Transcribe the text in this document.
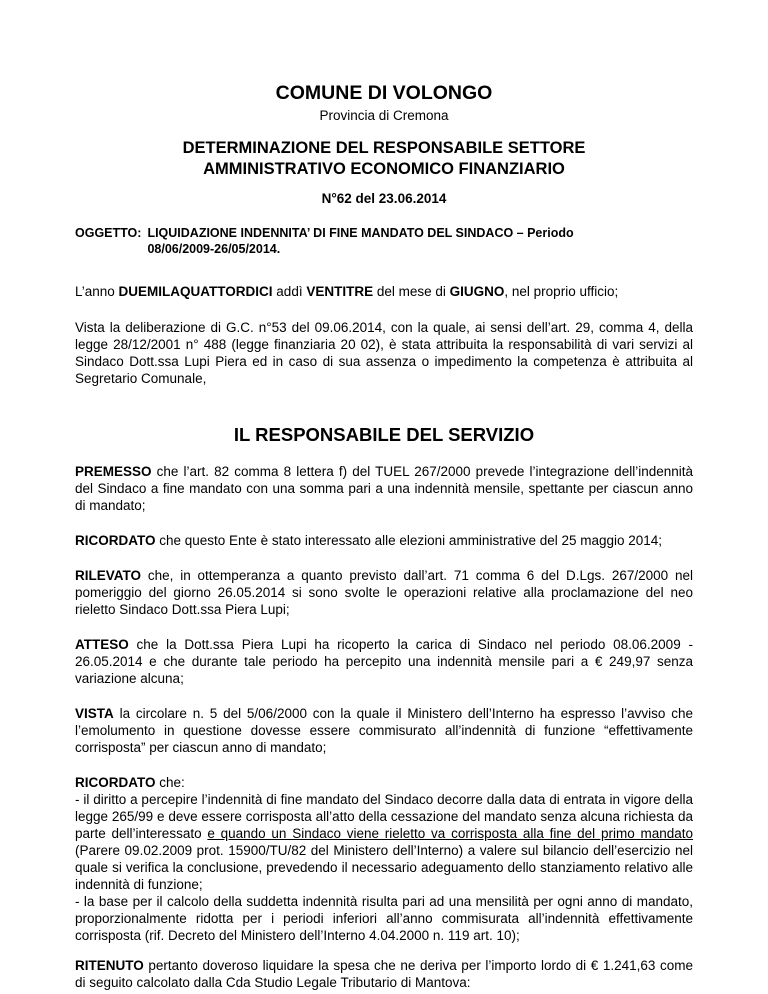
COMUNE DI VOLONGO

Provincia di Cremona

DETERMINAZIONE DEL RESPONSABILE SETTORE
AMMINISTRATIVO ECONOMICO FINANZIARIO

N°62 del 23.06.2014

OGGETTO: LIQUIDAZIONE INDENNITA’ DI FINE MANDATO DEL SINDACO – Periodo
08/06/2009-26/05/2014.

L’anno DUEMILAQUATTORDICI addì VENTITRE del mese di GIUGNO, nel proprio ufficio;

Vista la deliberazione di G.C. n°53 del 09.06.2014, con la quale, ai sensi dell’art. 29, comma 4, della legge 28/12/2001 n° 488 (legge finanziaria 20 02), è stata attribuita la responsabilità di vari servizi al Sindaco Dott.ssa Lupi Piera ed in caso di sua assenza o impedimento la competenza è attribuita al Segretario Comunale,

IL RESPONSABILE DEL SERVIZIO

PREMESSO che l’art. 82 comma 8 lettera f) del TUEL 267/2000 prevede l’integrazione dell’indennità del Sindaco a fine mandato con una somma pari a una indennità mensile, spettante per ciascun anno di mandato;

RICORDATO che questo Ente è stato interessato alle elezioni amministrative del 25 maggio 2014;

RILEVATO che, in ottemperanza a quanto previsto dall’art. 71 comma 6 del D.Lgs. 267/2000 nel pomeriggio del giorno 26.05.2014 si sono svolte le operazioni relative alla proclamazione del neo rieletto Sindaco Dott.ssa Piera Lupi;

ATTESO che la Dott.ssa Piera Lupi ha ricoperto la carica di Sindaco nel periodo 08.06.2009 - 26.05.2014 e che durante tale periodo ha percepito una indennità mensile pari a € 249,97 senza variazione alcuna;

VISTA la circolare n. 5 del 5/06/2000 con la quale il Ministero dell’Interno ha espresso l’avviso che l’emolumento in questione dovesse essere commisurato all’indennità di funzione “effettivamente corrisposta” per ciascun anno di mandato;

RICORDATO che:

- il diritto a percepire l’indennità di fine mandato del Sindaco decorre dalla data di entrata in vigore della legge 265/99 e deve essere corrisposta all’atto della cessazione del mandato senza alcuna richiesta da parte dell’interessato e quando un Sindaco viene rieletto va corrisposta alla fine del primo mandato (Parere 09.02.2009 prot. 15900/TU/82 del Ministero dell’Interno) a valere sul bilancio dell’esercizio nel quale si verifica la conclusione, prevedendo il necessario adeguamento dello stanziamento relativo alle indennità di funzione;

- la base per il calcolo della suddetta indennità risulta pari ad una mensilità per ogni anno di mandato, proporzionalmente ridotta per i periodi inferiori all’anno commisurata all’indennità effettivamente corrisposta (rif. Decreto del Ministero dell’Interno 4.04.2000 n. 119 art. 10);

RITENUTO pertanto doveroso liquidare la spesa che ne deriva per l’importo lordo di € 1.241,63 come di seguito calcolato dalla Cda Studio Legale Tributario di Mantova:
